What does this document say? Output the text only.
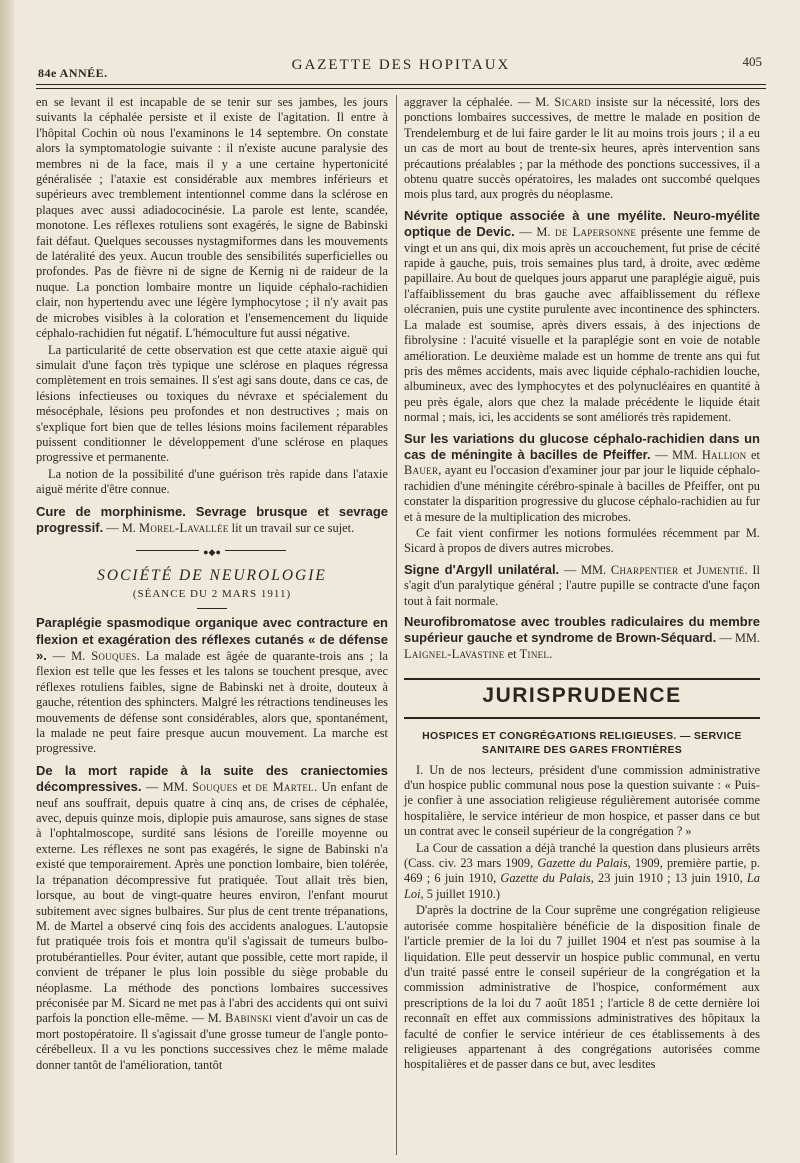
84e ANNÉE.	GAZETTE DES HOPITAUX	405

en se levant il est incapable de se tenir sur ses jambes, les jours suivants la céphalée persiste et il existe de l'agitation. Il entre à l'hôpital Cochin où nous l'examinons le 14 septembre. On constate alors la symptomatologie suivante : il n'existe aucune paralysie des membres ni de la face, mais il y a une certaine hypertonicité généralisée ; l'ataxie est considérable aux membres inférieurs et supérieurs avec tremblement intentionnel comme dans la sclérose en plaques avec aussi adiadococinésie. La parole est lente, scandée, monotone. Les réflexes rotuliens sont exagérés, le signe de Babinski fait défaut. Quelques secousses nystagmiformes dans les mouvements de latéralité des yeux. Aucun trouble des sensibilités superficielles ou profondes. Pas de fièvre ni de signe de Kernig ni de raideur de la nuque. La ponction lombaire montre un liquide céphalo-rachidien clair, non hypertendu avec une légère lymphocytose ; il n'y avait pas de microbes visibles à la coloration et l'ensemencement du liquide céphalo-rachidien fut négatif. L'hémoculture fut aussi négative.

La particularité de cette observation est que cette ataxie aiguë qui simulait d'une façon très typique une sclérose en plaques régressa complètement en trois semaines. Il s'est agi sans doute, dans ce cas, de lésions infectieuses ou toxiques du névraxe et spécialement du mésocéphale, lésions peu profondes et non destructives ; mais on s'explique fort bien que de telles lésions moins facilement réparables puissent conditionner le développement d'une sclérose en plaques progressive et permanente.

La notion de la possibilité d'une guérison très rapide dans l'ataxie aiguë mérite d'être connue.

Cure de morphinisme. Sevrage brusque et sevrage progressif. — M. Morel-Lavallée lit un travail sur ce sujet.

●◆●
SOCIÉTÉ DE NEUROLOGIE
(SÉANCE DU 2 MARS 1911)

Paraplégie spasmodique organique avec contracture en flexion et exagération des réflexes cutanés « de défense ». — M. Souques. La malade est âgée de quarante-trois ans ; la flexion est telle que les fesses et les talons se touchent presque, avec réflexes rotuliens faibles, signe de Babinski net à droite, douteux à gauche, rétention des sphincters. Malgré les rétractions tendineuses les mouvements de défense sont considérables, alors que, spontanément, la malade ne peut faire presque aucun mouvement. La marche est progressive.

De la mort rapide à la suite des craniectomies décompressives. — MM. Souques et de Martel. Un enfant de neuf ans souffrait, depuis quatre à cinq ans, de crises de céphalée, avec, depuis quinze mois, diplopie puis amaurose, sans signes de stase à l'ophtalmoscope, surdité sans lésions de l'oreille moyenne ou externe. Les réflexes ne sont pas exagérés, le signe de Babinski n'a existé que temporairement. Après une ponction lombaire, bien tolérée, la trépanation décompressive fut pratiquée. Tout allait très bien, lorsque, au bout de vingt-quatre heures environ, l'enfant mourut subitement avec signes bulbaires. Sur plus de cent trente trépanations, M. de Martel a observé cinq fois des accidents analogues. L'autopsie fut pratiquée trois fois et montra qu'il s'agissait de tumeurs bulbo-protubérantielles. Pour éviter, autant que possible, cette mort rapide, il convient de trépaner le plus loin possible du siège probable du néoplasme. La méthode des ponctions lombaires successives préconisée par M. Sicard ne met pas à l'abri des accidents qui ont suivi parfois la ponction elle-même. — M. Babinski vient d'avoir un cas de mort postopératoire. Il s'agissait d'une grosse tumeur de l'angle ponto-cérébelleux. Il a vu les ponctions successives chez le même malade donner tantôt de l'amélioration, tantôt

aggraver la céphalée. — M. Sicard insiste sur la nécessité, lors des ponctions lombaires successives, de mettre le malade en position de Trendelemburg et de lui faire garder le lit au moins trois jours ; il a eu un cas de mort au bout de trente-six heures, après intervention sans précautions préalables ; par la méthode des ponctions successives, il a obtenu quatre succès opératoires, les malades ont succombé quelques mois plus tard, aux progrès du néoplasme.

Névrite optique associée à une myélite. Neuro-myélite optique de Devic. — M. de Lapersonne présente une femme de vingt et un ans qui, dix mois après un accouchement, fut prise de cécité rapide à gauche, puis, trois semaines plus tard, à droite, avec œdème papillaire. Au bout de quelques jours apparut une paraplégie aiguë, puis l'affaiblissement du bras gauche avec affaiblissement du réflexe olécranien, puis une cystite purulente avec incontinence des sphincters. La malade est soumise, après divers essais, à des injections de fibrolysine : l'acuité visuelle et la paraplégie sont en voie de notable amélioration. Le deuxième malade est un homme de trente ans qui fut pris des mêmes accidents, mais avec liquide céphalo-rachidien louche, albumineux, avec des lymphocytes et des polynucléaires en quantité à peu près égale, alors que chez la malade précédente le liquide était normal ; mais, ici, les accidents se sont améliorés très rapidement.

Sur les variations du glucose céphalo-rachidien dans un cas de méningite à bacilles de Pfeiffer. — MM. Hallion et Bauer, ayant eu l'occasion d'examiner jour par jour le liquide céphalo-rachidien d'une méningite cérébro-spinale à bacilles de Pfeiffer, ont pu constater la disparition progressive du glucose céphalo-rachidien au fur et à mesure de la multiplication des microbes.

Ce fait vient confirmer les notions formulées récemment par M. Sicard à propos de divers autres microbes.

Signe d'Argyll unilatéral. — MM. Charpentier et Jumentié. Il s'agit d'un paralytique général ; l'autre pupille se contracte d'une façon tout à fait normale.

Neurofibromatose avec troubles radiculaires du membre supérieur gauche et syndrome de Brown-Séquard. — MM. Laignel-Lavastine et Tinel.

JURISPRUDENCE
HOSPICES ET CONGRÉGATIONS RELIGIEUSES. — SERVICE SANITAIRE DES GARES FRONTIÈRES

I. Un de nos lecteurs, président d'une commission administrative d'un hospice public communal nous pose la question suivante : « Puis-je confier à une association religieuse régulièrement autorisée comme hospitalière, le service intérieur de mon hospice, et passer dans ce but un contrat avec le conseil supérieur de la congrégation ? »

La Cour de cassation a déjà tranché la question dans plusieurs arrêts (Cass. civ. 23 mars 1909, Gazette du Palais, 1909, première partie, p. 469 ; 6 juin 1910, Gazette du Palais, 23 juin 1910 ; 13 juin 1910, La Loi, 5 juillet 1910.)

D'après la doctrine de la Cour suprême une congrégation religieuse autorisée comme hospitalière bénéficie de la disposition finale de l'article premier de la loi du 7 juillet 1904 et n'est pas soumise à la liquidation. Elle peut desservir un hospice public communal, en vertu d'un traité passé entre le conseil supérieur de la congrégation et la commission administrative de l'hospice, conformément aux prescriptions de la loi du 7 août 1851 ; l'article 8 de cette dernière loi reconnaît en effet aux commissions administratives des hôpitaux la faculté de confier le service intérieur de ces établissements à des religieuses appartenant à des congrégations autorisées comme hospitalières et de passer dans ce but, avec lesdites
